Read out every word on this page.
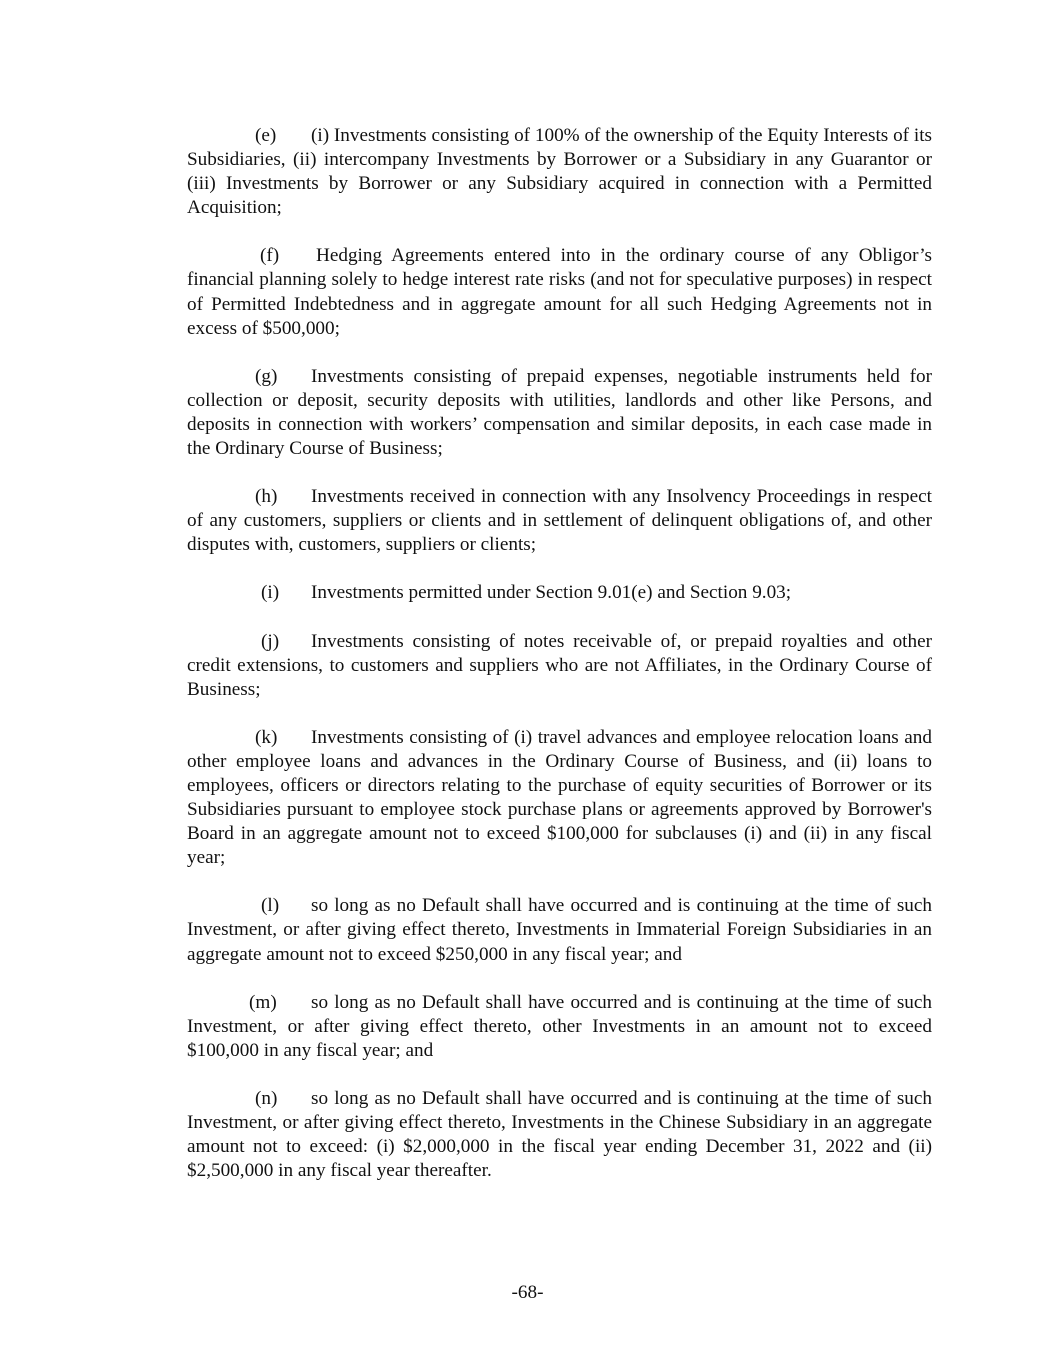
(e) (i) Investments consisting of 100% of the ownership of the Equity Interests of its Subsidiaries, (ii) intercompany Investments by Borrower or a Subsidiary in any Guarantor or (iii) Investments by Borrower or any Subsidiary acquired in connection with a Permitted Acquisition;

(f) Hedging Agreements entered into in the ordinary course of any Obligor’s financial planning solely to hedge interest rate risks (and not for speculative purposes) in respect of Permitted Indebtedness and in aggregate amount for all such Hedging Agreements not in excess of $500,000;

(g) Investments consisting of prepaid expenses, negotiable instruments held for collection or deposit, security deposits with utilities, landlords and other like Persons, and deposits in connection with workers’ compensation and similar deposits, in each case made in the Ordinary Course of Business;

(h) Investments received in connection with any Insolvency Proceedings in respect of any customers, suppliers or clients and in settlement of delinquent obligations of, and other disputes with, customers, suppliers or clients;

(i) Investments permitted under Section 9.01(e) and Section 9.03;

(j) Investments consisting of notes receivable of, or prepaid royalties and other credit extensions, to customers and suppliers who are not Affiliates, in the Ordinary Course of Business;

(k) Investments consisting of (i) travel advances and employee relocation loans and other employee loans and advances in the Ordinary Course of Business, and (ii) loans to employees, officers or directors relating to the purchase of equity securities of Borrower or its Subsidiaries pursuant to employee stock purchase plans or agreements approved by Borrower's Board in an aggregate amount not to exceed $100,000 for subclauses (i) and (ii) in any fiscal year;

(l) so long as no Default shall have occurred and is continuing at the time of such Investment, or after giving effect thereto, Investments in Immaterial Foreign Subsidiaries in an aggregate amount not to exceed $250,000 in any fiscal year; and

(m) so long as no Default shall have occurred and is continuing at the time of such Investment, or after giving effect thereto, other Investments in an amount not to exceed $100,000 in any fiscal year; and

(n) so long as no Default shall have occurred and is continuing at the time of such Investment, or after giving effect thereto, Investments in the Chinese Subsidiary in an aggregate amount not to exceed: (i) $2,000,000 in the fiscal year ending December 31, 2022 and (ii) $2,500,000 in any fiscal year thereafter.

-68-
